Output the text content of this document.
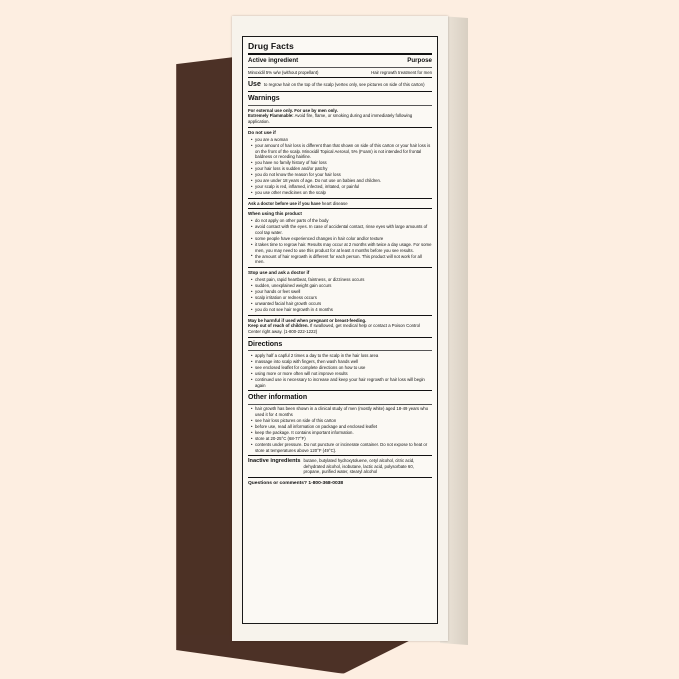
Drug Facts
Active ingredient	Purpose
Minoxidil 5% w/w (without propellant)	Hair regrowth treatment for men
Use to regrow hair on the top of the scalp (vertex only, see pictures on side of this carton)
Warnings
For external use only. For use by men only.
Extremely Flammable: Avoid fire, flame, or smoking during and immediately following application.
Do not use if
• you are a woman
• your amount of hair loss is different than that shown on side of this carton or your hair loss is on the front of the scalp. Minoxidil Topical Aerosol, 5% (Foam) is not intended for frontal baldness or receding hairline.
• you have no family history of hair loss
• your hair loss is sudden and/or patchy
• you do not know the reason for your hair loss
• you are under 18 years of age. Do not use on babies and children.
• your scalp is red, inflamed, infected, irritated, or painful
• you use other medicines on the scalp
Ask a doctor before use if you have heart disease
When using this product
• do not apply on other parts of the body
• avoid contact with the eyes. In case of accidental contact, rinse eyes with large amounts of cool tap water.
• some people have experienced changes in hair color and/or texture
• it takes time to regrow hair. Results may occur at 2 months with twice a day usage. For some men, you may need to use this product for at least 4 months before you see results.
• the amount of hair regrowth is different for each person. This product will not work for all men.
Stop use and ask a doctor if
• chest pain, rapid heartbeat, faintness, or dizziness occurs
• sudden, unexplained weight gain occurs
• your hands or feet swell
• scalp irritation or redness occurs
• unwanted facial hair growth occurs
• you do not see hair regrowth in 4 months
May be harmful if used when pregnant or breast-feeding.
Keep out of reach of children. If swallowed, get medical help or contact a Poison Control Center right away. (1-800-222-1222)
Directions
• apply half a capful 2 times a day to the scalp in the hair loss area
• massage into scalp with fingers, then wash hands well
• see enclosed leaflet for complete directions on how to use
• using more or more often will not improve results
• continued use is necessary to increase and keep your hair regrowth or hair loss will begin again
Other information
• hair growth has been shown in a clinical study of men (mostly white) aged 18-49 years who used it for 4 months
• see hair loss pictures on side of this carton
• before use, read all information on package and enclosed leaflet
• keep the package. It contains important information.
• store at 20-25°C (68-77°F)
• contents under pressure. Do not puncture or incinerate container. Do not expose to heat or store at temperatures above 120°F (49°C).
Inactive ingredients butane, butylated hydroxytoluene, cetyl alcohol, citric acid, dehydrated alcohol, isobutane, lactic acid, polysorbate 60, propane, purified water, stearyl alcohol
Questions or comments? 1-800-368-0038
